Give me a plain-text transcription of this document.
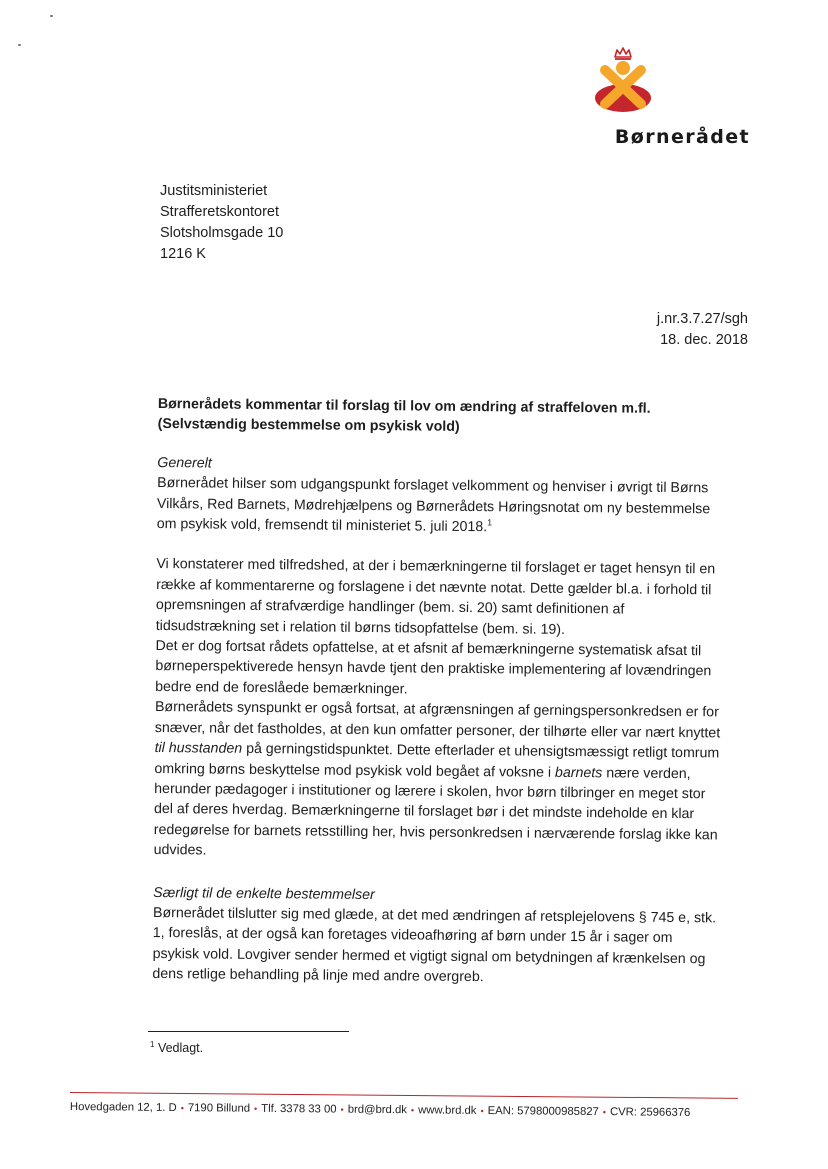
Børnerådet
Justitsministeriet
Strafferetskontoret
Slotsholmsgade 10
1216 K
j.nr.3.7.27/sgh
18. dec. 2018

Børnerådets kommentar til forslag til lov om ændring af straffeloven m.fl. (Selvstændig bestemmelse om psykisk vold)

Generelt

Børnerådet hilser som udgangspunkt forslaget velkomment og henviser i øvrigt til Børns Vilkårs, Red Barnets, Mødrehjælpens og Børnerådets Høringsnotat om ny bestemmelse om psykisk vold, fremsendt til ministeriet 5. juli 2018.$^1$

Vi konstaterer med tilfredshed, at der i bemærkningerne til forslaget er taget hensyn til en række af kommentarerne og forslagene i det nævnte notat. Dette gælder bl.a. i forhold til opremsningen af strafværdige handlinger (bem. si. 20) samt definitionen af tidsudstrækning set i relation til børns tidsopfattelse (bem. si. 19).

Det er dog fortsat rådets opfattelse, at et afsnit af bemærkningerne systematisk afsat til børneperspektiverede hensyn havde tjent den praktiske implementering af lovændringen bedre end de foreslåede bemærkninger.

Børnerådets synspunkt er også fortsat, at afgrænsningen af gerningspersonkredsen er for snæver, når det fastholdes, at den kun omfatter personer, der tilhørte eller var nært knyttet til husstanden på gerningstidspunktet. Dette efterlader et uhensigtsmæssigt retligt tomrum omkring børns beskyttelse mod psykisk vold begået af voksne i barnets nære verden, herunder pædagoger i institutioner og lærere i skolen, hvor børn tilbringer en meget stor del af deres hverdag. Bemærkningerne til forslaget bør i det mindste indeholde en klar redegørelse for barnets retsstilling her, hvis personkredsen i nærværende forslag ikke kan udvides.

Særligt til de enkelte bestemmelser

Børnerådet tilslutter sig med glæde, at det med ændringen af retsplejelovens § 745 e, stk. 1, foreslås, at der også kan foretages videoafhøring af børn under 15 år i sager om psykisk vold. Lovgiver sender hermed et vigtigt signal om betydningen af krænkelsen og dens retlige behandling på linje med andre overgreb.

$^1$ Vedlagt.
Hovedgaden 12, 1. D • 7190 Billund • Tlf. 3378 33 00 • brd@brd.dk • www.brd.dk • EAN: 5798000985827 • CVR: 25966376
